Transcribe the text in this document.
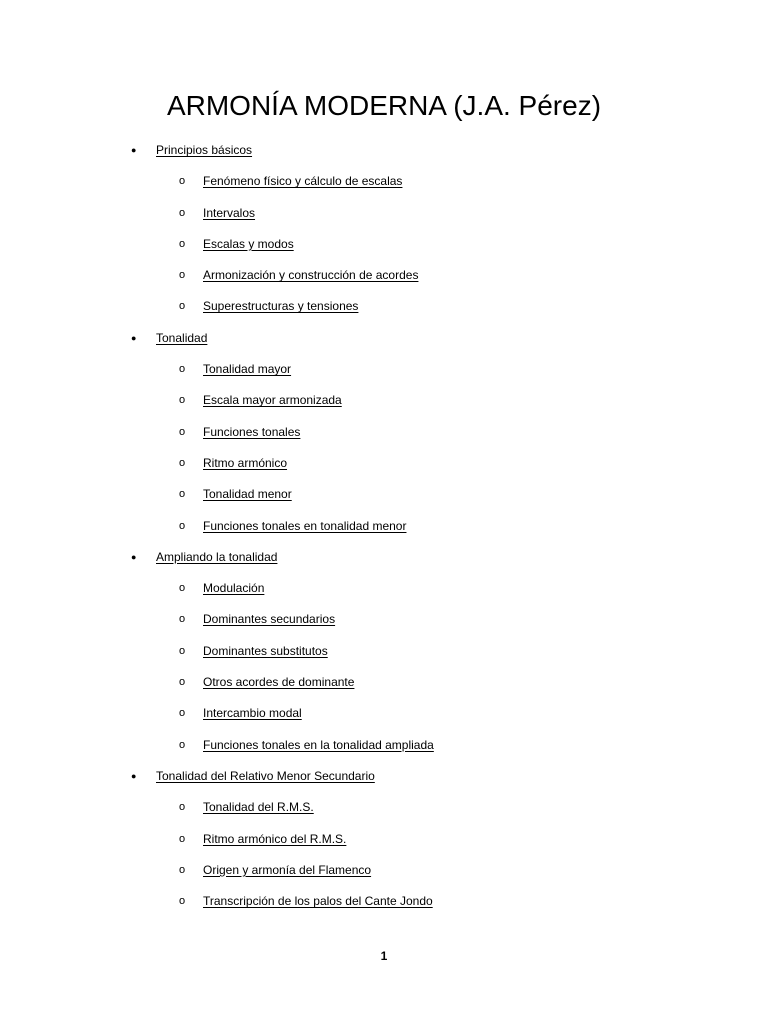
ARMONÍA MODERNA (J.A. Pérez)
● Principios básicos
o Fenómeno físico y cálculo de escalas
o Intervalos
o Escalas y modos
o Armonización y construcción de acordes
o Superestructuras y tensiones
● Tonalidad
o Tonalidad mayor
o Escala mayor armonizada
o Funciones tonales
o Ritmo armónico
o Tonalidad menor
o Funciones tonales en tonalidad menor
● Ampliando la tonalidad
o Modulación
o Dominantes secundarios
o Dominantes substitutos
o Otros acordes de dominante
o Intercambio modal
o Funciones tonales en la tonalidad ampliada
● Tonalidad del Relativo Menor Secundario
o Tonalidad del R.M.S.
o Ritmo armónico del R.M.S.
o Origen y armonía del Flamenco
o Transcripción de los palos del Cante Jondo
1
